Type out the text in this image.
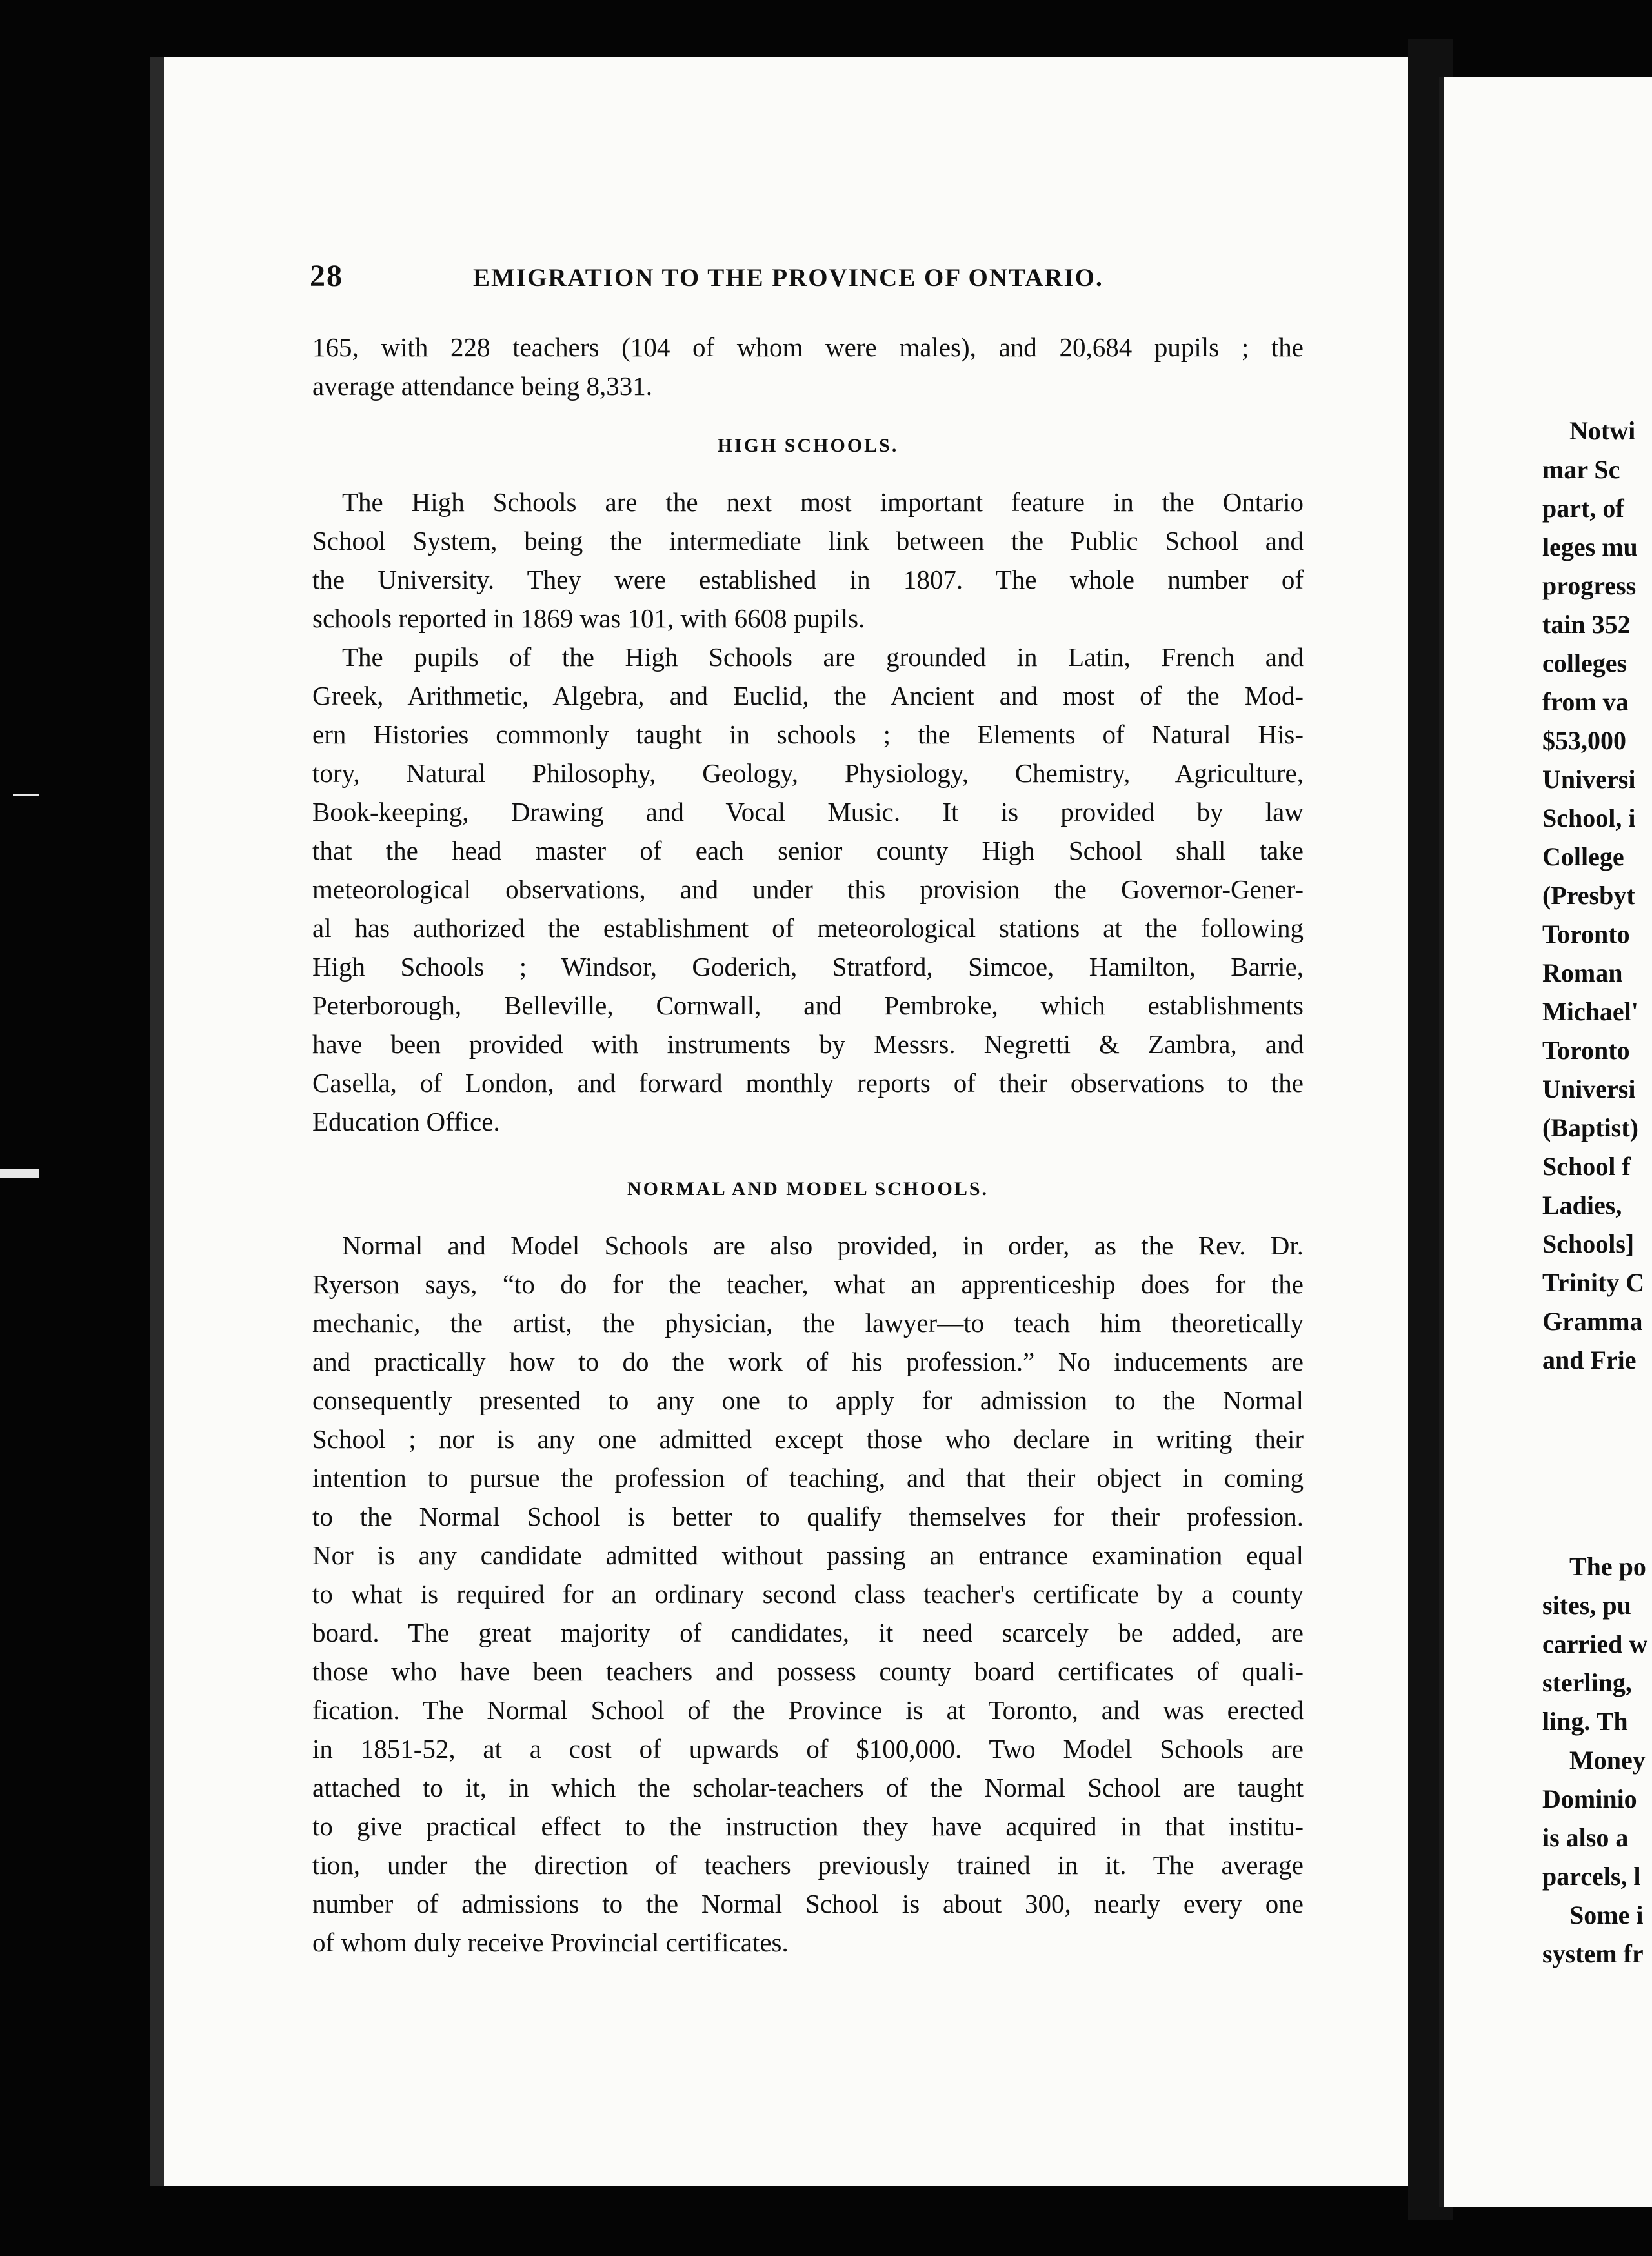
28	EMIGRATION TO THE PROVINCE OF ONTARIO.
165, with 228 teachers (104 of whom were males), and 20,684 pupils ; the
average attendance being 8,331.
HIGH SCHOOLS.
The High Schools are the next most important feature in the Ontario
School System, being the intermediate link between the Public School and
the University. They were established in 1807. The whole number of
schools reported in 1869 was 101, with 6608 pupils.
The pupils of the High Schools are grounded in Latin, French and
Greek, Arithmetic, Algebra, and Euclid, the Ancient and most of the Mod-
ern Histories commonly taught in schools ; the Elements of Natural His-
tory, Natural Philosophy, Geology, Physiology, Chemistry, Agriculture,
Book-keeping, Drawing and Vocal Music. It is provided by law
that the head master of each senior county High School shall take
meteorological observations, and under this provision the Governor-Gener-
al has authorized the establishment of meteorological stations at the following
High Schools ; Windsor, Goderich, Stratford, Simcoe, Hamilton, Barrie,
Peterborough, Belleville, Cornwall, and Pembroke, which establishments
have been provided with instruments by Messrs. Negretti & Zambra, and
Casella, of London, and forward monthly reports of their observations to the
Education Office.
NORMAL AND MODEL SCHOOLS.
Normal and Model Schools are also provided, in order, as the Rev. Dr.
Ryerson says, “to do for the teacher, what an apprenticeship does for the
mechanic, the artist, the physician, the lawyer—to teach him theoretically
and practically how to do the work of his profession.” No inducements are
consequently presented to any one to apply for admission to the Normal
School ; nor is any one admitted except those who declare in writing their
intention to pursue the profession of teaching, and that their object in coming
to the Normal School is better to qualify themselves for their profession.
Nor is any candidate admitted without passing an entrance examination equal
to what is required for an ordinary second class teacher's certificate by a county
board. The great majority of candidates, it need scarcely be added, are
those who have been teachers and possess county board certificates of quali-
fication. The Normal School of the Province is at Toronto, and was erected
in 1851-52, at a cost of upwards of $100,000. Two Model Schools are
attached to it, in which the scholar-teachers of the Normal School are taught
to give practical effect to the instruction they have acquired in that institu-
tion, under the direction of teachers previously trained in it. The average
number of admissions to the Normal School is about 300, nearly every one
of whom duly receive Provincial certificates.
Notwi
mar Sc
part, of
leges mu
progress
tain 352
colleges
from va
$53,000
Universi
School, i
College
(Presbyt
Toronto
Roman
Michael'
Toronto
Universi
(Baptist)
School f
Ladies,
Schools]
Trinity C
Gramma
and Frie
The po
sites, pu
carried w
sterling,
ling. Th
Money
Dominio
is also a
parcels, l
Some i
system fr
